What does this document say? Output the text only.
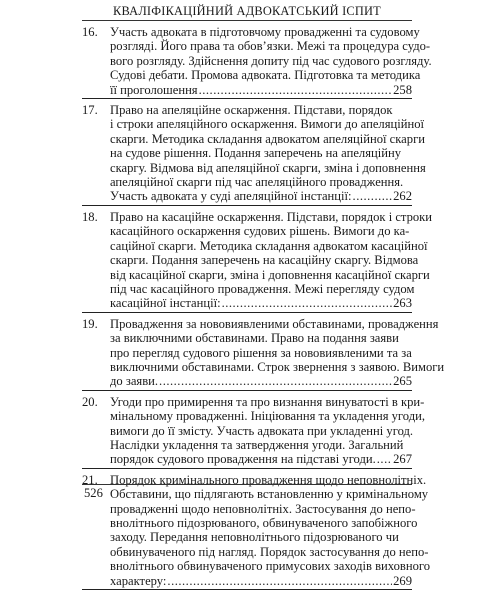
КВАЛІФІКАЦІЙНИЙ АДВОКАТСЬКИЙ ІСПИТ
16. Участь адвоката в підготовчому провадженні та судовому
розгляді. Його права та обов’язки. Межі та процедура судо-
вого розгляду. Здійснення допиту під час судового розгляду.
Судові дебати. Промова адвоката. Підготовка та методика
її проголошення .....	258
17. Право на апеляційне оскарження. Підстави, порядок
і строки апеляційного оскарження. Вимоги до апеляційної
скарги. Методика складання адвокатом апеляційної скарги
на судове рішення. Подання заперечень на апеляційну
скаргу. Відмова від апеляційної скарги, зміна і доповнення
апеляційної скарги під час апеляційного провадження.
Участь адвоката у суді апеляційної інстанції: .....	262
18. Право на касаційне оскарження. Підстави, порядок і строки
касаційного оскарження судових рішень. Вимоги до ка-
саційної скарги. Методика складання адвокатом касаційної
скарги. Подання заперечень на касаційну скаргу. Відмова
від касаційної скарги, зміна і доповнення касаційної скарги
під час касаційного провадження. Межі перегляду судом
касаційної інстанції: .....	263
19. Провадження за нововиявленими обставинами, провадження
за виключними обставинами. Право на подання заяви
про перегляд судового рішення за нововиявленими та за
виключними обставинами. Строк звернення з заявою. Вимоги
до заяви. .....	265
20. Угоди про примирення та про визнання винуватості в кри-
мінальному провадженні. Ініціювання та укладення угоди,
вимоги до її змісту. Участь адвоката при укладенні угод.
Наслідки укладення та затвердження угоди. Загальний
порядок судового провадження на підставі угоди. ..... 267
21. Порядок кримінального провадження щодо неповнолітніх.
Обставини, що підлягають встановленню у кримінальному
провадженні щодо неповнолітніх. Застосування до непо-
внолітнього підозрюваного, обвинуваченого запобіжного
заходу. Передання неповнолітнього підозрюваного чи
обвинуваченого під нагляд. Порядок застосування до непо-
внолітнього обвинуваченого примусових заходів виховного
характеру: .....	269
526
